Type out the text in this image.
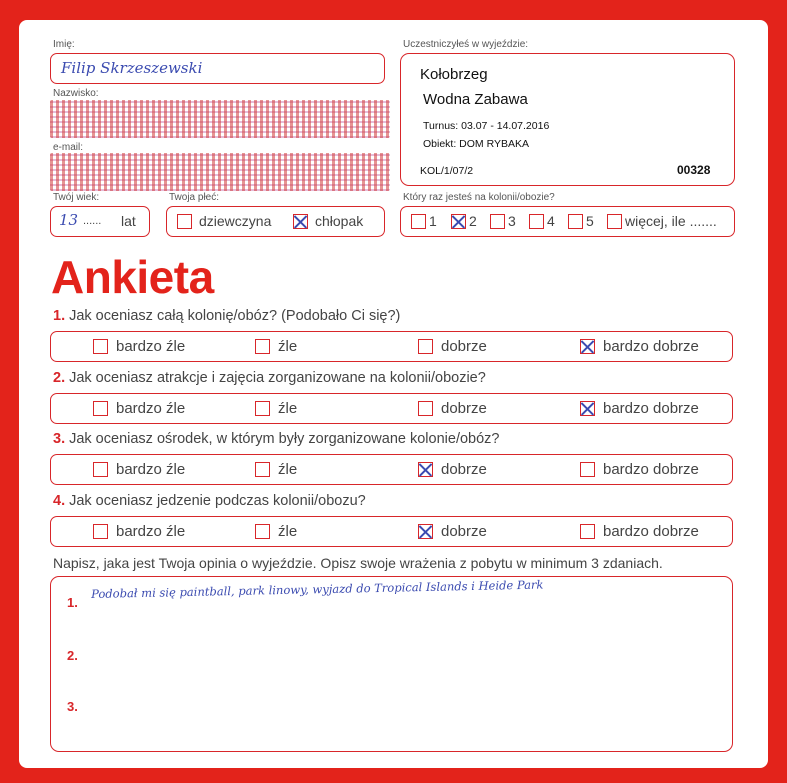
Imię:
Filip Skrzeszewski
Nazwisko:
e-mail:
Twój wiek:
13 ...... lat
Twoja płeć:
dziewczyna	chłopak
Uczestniczyłeś w wyjeździe:
Kołobrzeg
Wodna Zabawa
Turnus: 03.07 - 14.07.2016
Obiekt: DOM RYBAKA
KOL/1/07/2	00328
Który raz jesteś na kolonii/obozie?
1 2 3 4 5 więcej, ile .......
Ankieta
1. Jak oceniasz całą kolonię/obóz? (Podobało Ci się?)
bardzo źle	źle	dobrze	bardzo dobrze
2. Jak oceniasz atrakcje i zajęcia zorganizowane na kolonii/obozie?
bardzo źle	źle	dobrze	bardzo dobrze
3. Jak oceniasz ośrodek, w którym były zorganizowane kolonie/obóz?
bardzo źle	źle	dobrze	bardzo dobrze
4. Jak oceniasz jedzenie podczas kolonii/obozu?
bardzo źle	źle	dobrze	bardzo dobrze
Napisz, jaka jest Twoja opinia o wyjeździe. Opisz swoje wrażenia z pobytu w minimum 3 zdaniach.
1.
Podobał mi się paintball, park linowy, wyjazd do Tropical Islands i Heide Park
2.
3.
